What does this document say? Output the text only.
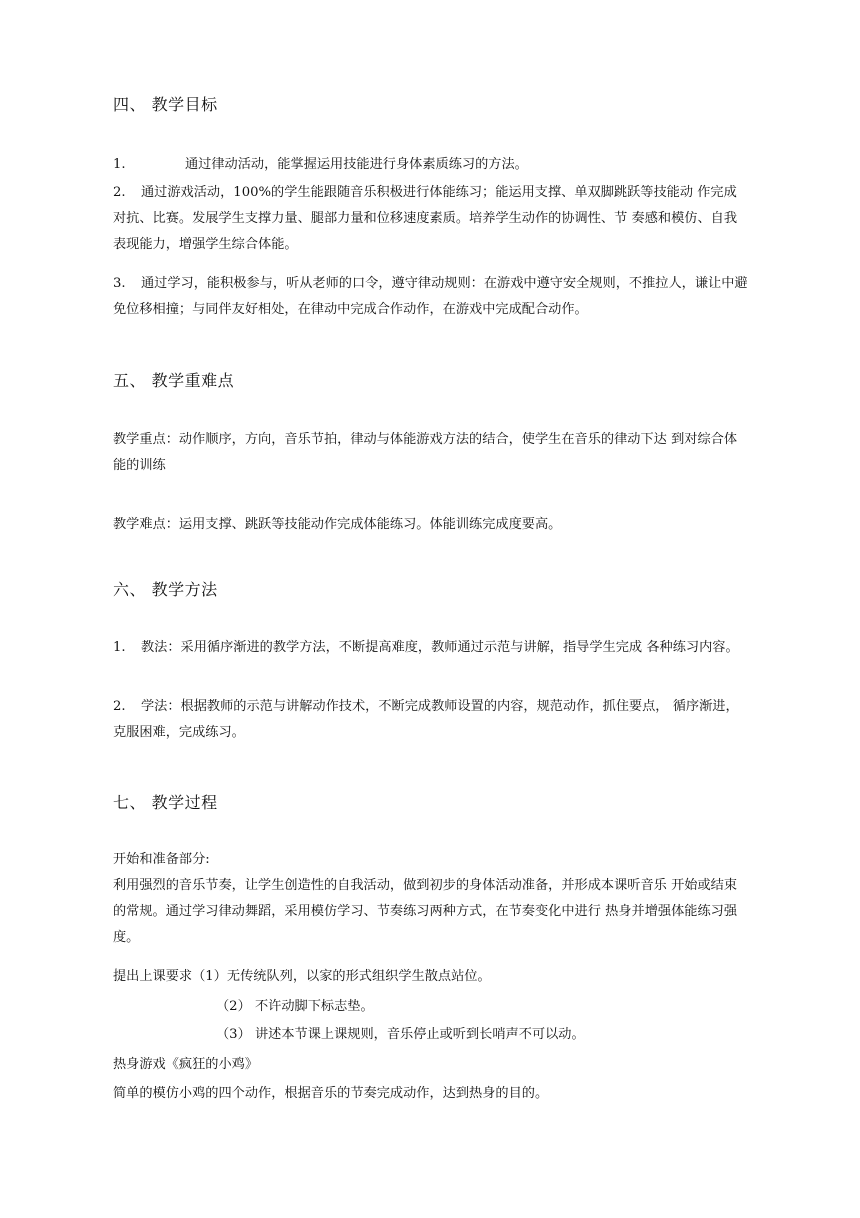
四、 教学目标
1.	通过律动活动，能掌握运用技能进行身体素质练习的方法。
2. 通过游戏活动，100%的学生能跟随音乐积极进行体能练习；能运用支撑、单双脚跳跃等技能动 作完成对抗、比赛。发展学生支撑力量、腿部力量和位移速度素质。培养学生动作的协调性、节 奏感和模仿、自我表现能力，增强学生综合体能。
3. 通过学习，能积极参与，听从老师的口令，遵守律动规则：在游戏中遵守安全规则，不推拉人，谦让中避免位移相撞；与同伴友好相处，在律动中完成合作动作，在游戏中完成配合动作。
五、 教学重难点
教学重点：动作顺序，方向，音乐节拍，律动与体能游戏方法的结合，使学生在音乐的律动下达 到对综合体能的训练
教学难点：运用支撑、跳跃等技能动作完成体能练习。体能训练完成度要高。
六、 教学方法
1. 教法：采用循序渐进的教学方法，不断提高难度，教师通过示范与讲解，指导学生完成 各种练习内容。
2. 学法：根据教师的示范与讲解动作技术，不断完成教师设置的内容，规范动作，抓住要点， 循序渐进，克服困难，完成练习。
七、 教学过程
开始和准备部分:
利用强烈的音乐节奏，让学生创造性的自我活动，做到初步的身体活动准备，并形成本课听音乐 开始或结束的常规。通过学习律动舞蹈，采用模仿学习、节奏练习两种方式，在节奏变化中进行 热身并增强体能练习强度。
提出上课要求（1）无传统队列，以家的形式组织学生散点站位。
（2） 不许动脚下标志垫。
（3） 讲述本节课上课规则，音乐停止或听到长哨声不可以动。
热身游戏《疯狂的小鸡》
简单的模仿小鸡的四个动作，根据音乐的节奏完成动作，达到热身的目的。
